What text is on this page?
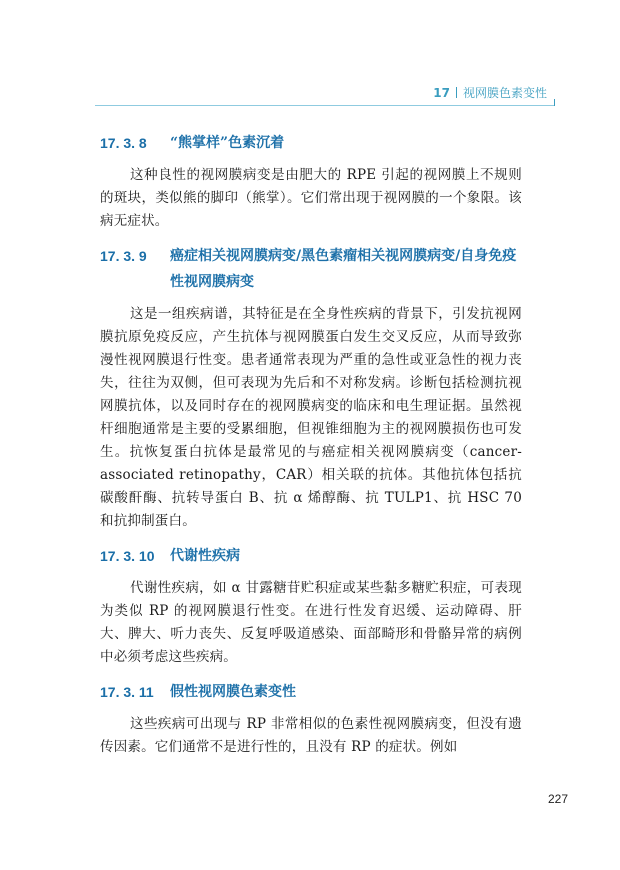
17 视网膜色素变性
17. 3. 8	“熊掌样”色素沉着

这种良性的视网膜病变是由肥大的 RPE 引起的视网膜上不规则的斑块，类似熊的脚印（熊掌）。它们常出现于视网膜的一个象限。该病无症状。

17. 3. 9	癌症相关视网膜病变/黑色素瘤相关视网膜病变/自身免疫性视网膜病变

这是一组疾病谱，其特征是在全身性疾病的背景下，引发抗视网膜抗原免疫反应，产生抗体与视网膜蛋白发生交叉反应，从而导致弥漫性视网膜退行性变。患者通常表现为严重的急性或亚急性的视力丧失，往往为双侧，但可表现为先后和不对称发病。诊断包括检测抗视网膜抗体，以及同时存在的视网膜病变的临床和电生理证据。虽然视杆细胞通常是主要的受累细胞，但视锥细胞为主的视网膜损伤也可发生。抗恢复蛋白抗体是最常见的与癌症相关视网膜病变（cancer-associated retinopathy，CAR）相关联的抗体。其他抗体包括抗碳酸酐酶、抗转导蛋白 B、抗 α 烯醇酶、抗 TULP1、抗 HSC 70 和抗抑制蛋白。

17. 3. 10	代谢性疾病

代谢性疾病，如 α 甘露糖苷贮积症或某些黏多糖贮积症，可表现为类似 RP 的视网膜退行性变。在进行性发育迟缓、运动障碍、肝大、脾大、听力丧失、反复呼吸道感染、面部畸形和骨骼异常的病例中必须考虑这些疾病。

17. 3. 11	假性视网膜色素变性

这些疾病可出现与 RP 非常相似的色素性视网膜病变，但没有遗传因素。它们通常不是进行性的，且没有 RP 的症状。例如

227
